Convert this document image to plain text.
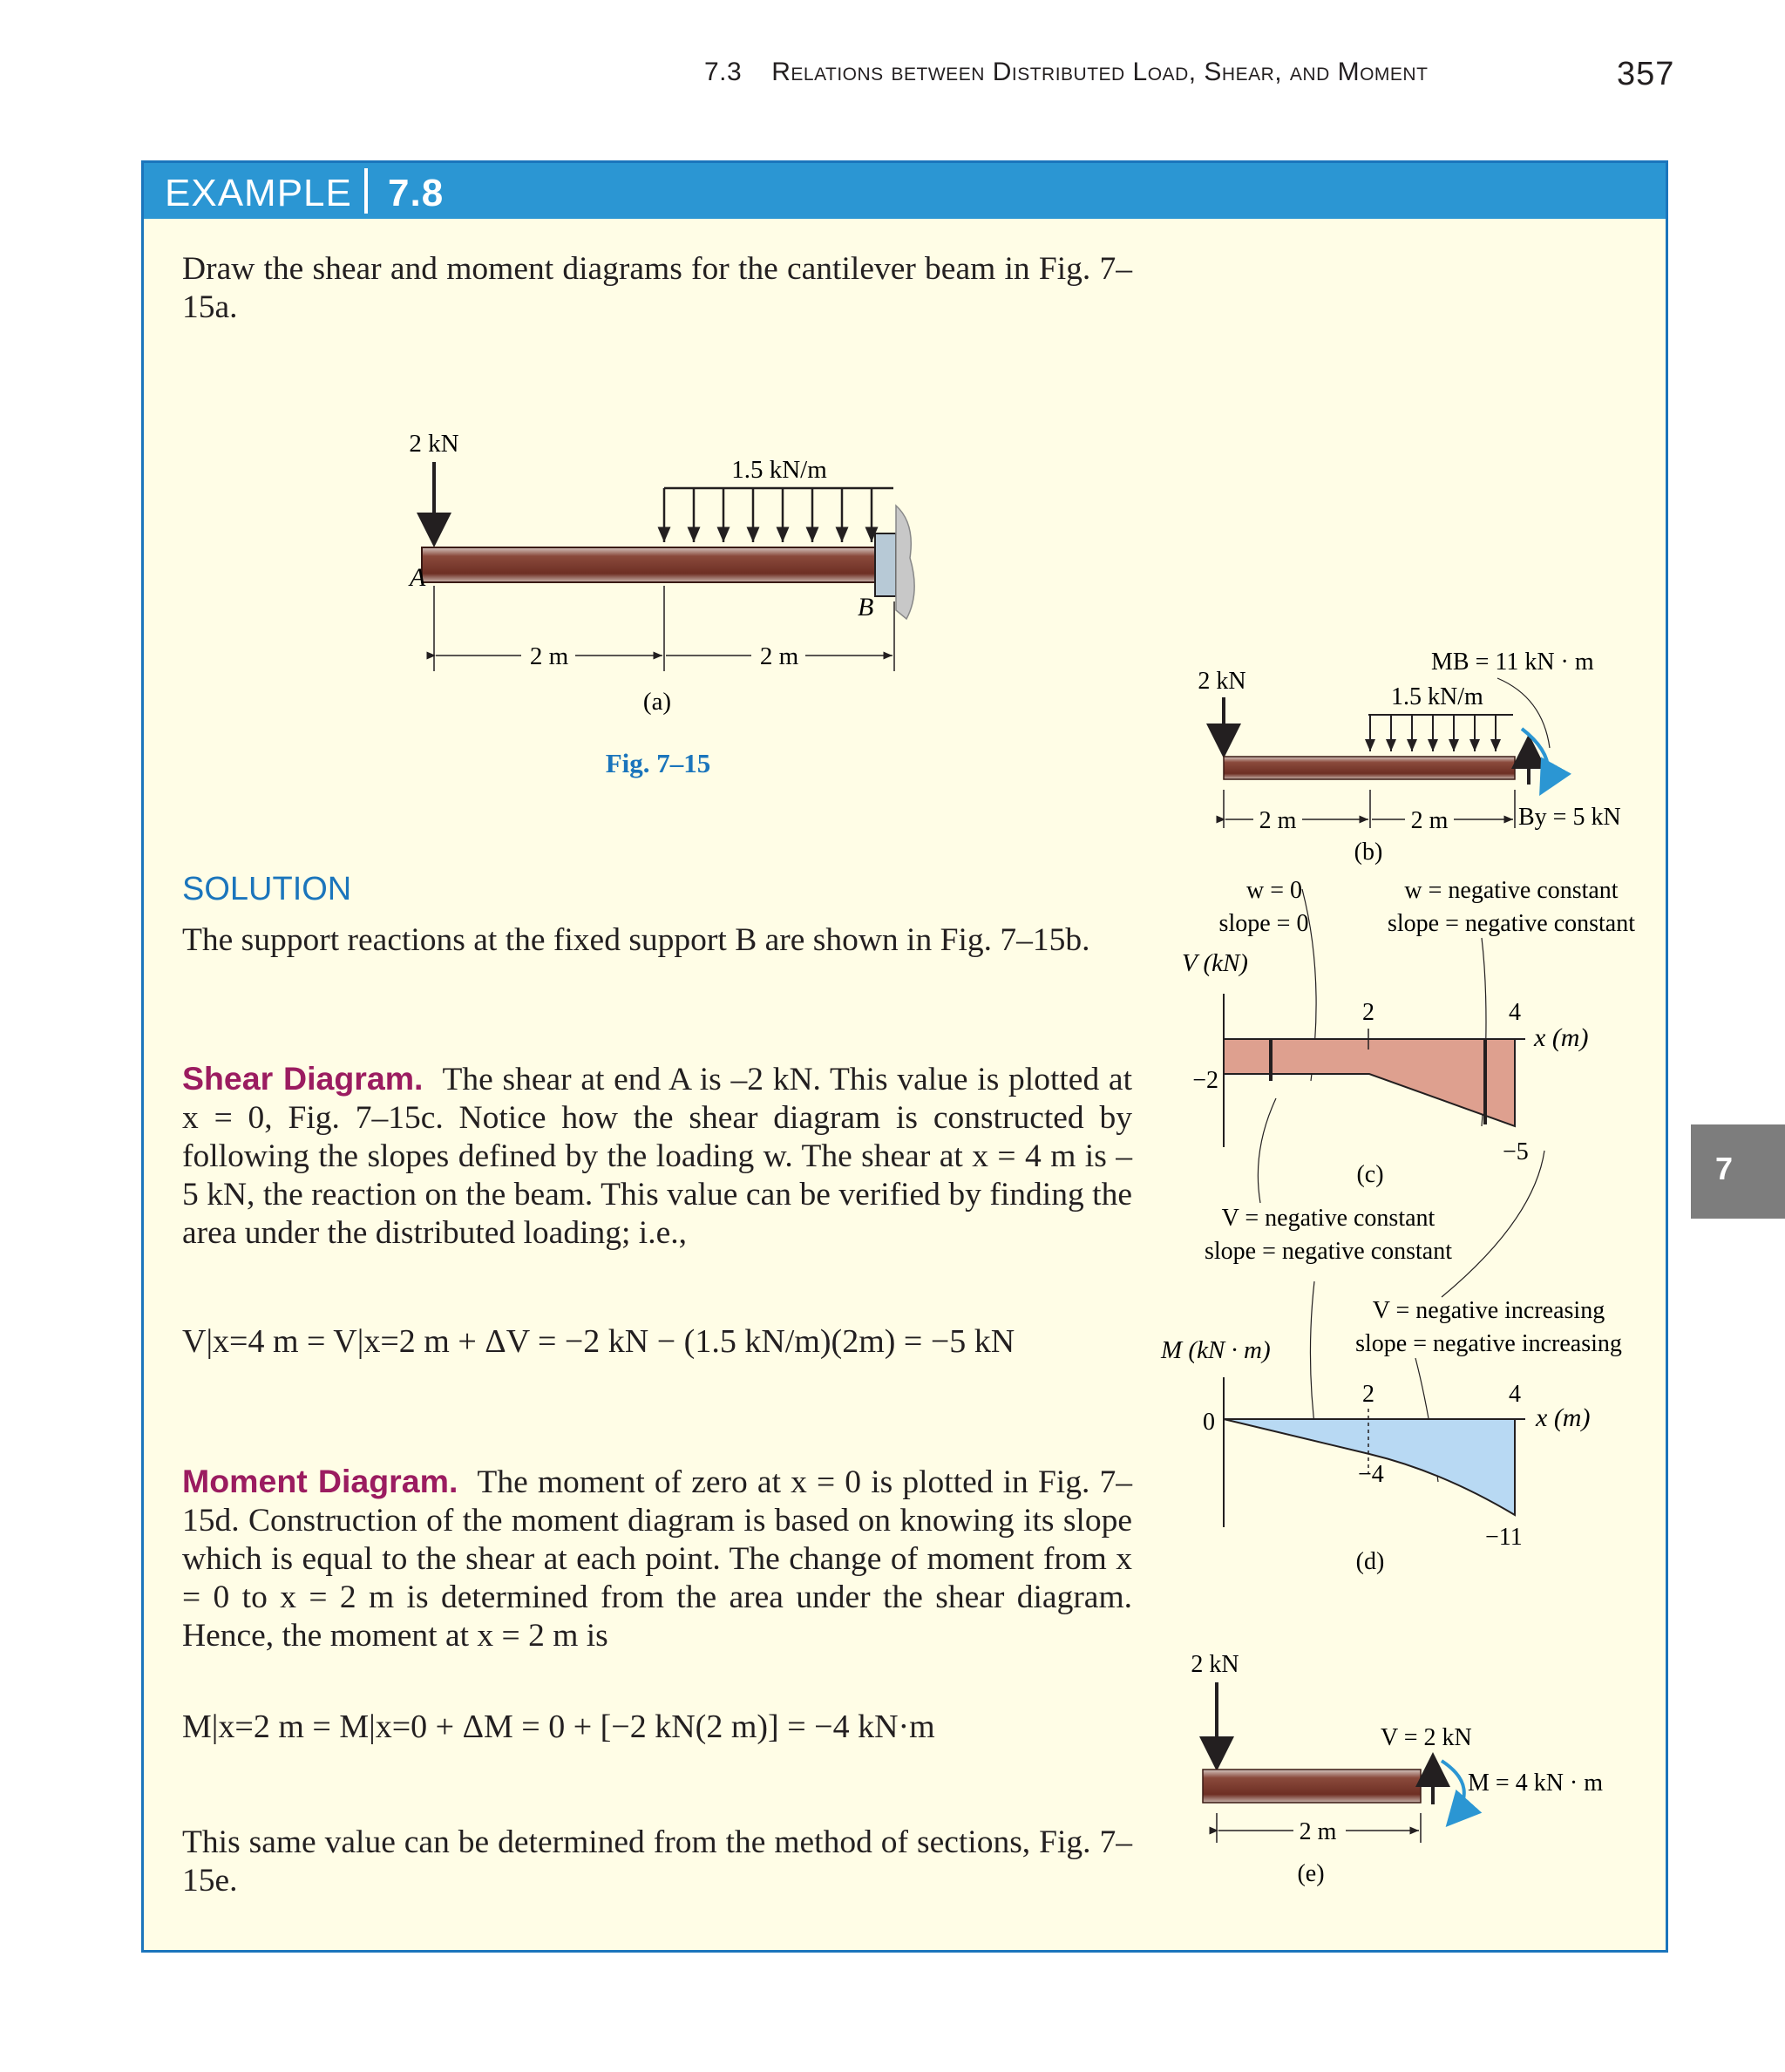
7.3 Relations between Distributed Load, Shear, and Moment	357
EXAMPLE 7.8
Draw the shear and moment diagrams for the cantilever beam in Fig. 7–15a.
SOLUTION
The support reactions at the fixed support B are shown in Fig. 7–15b.
Shear Diagram. The shear at end A is –2 kN. This value is plotted at x = 0, Fig. 7–15c. Notice how the shear diagram is constructed by following the slopes defined by the loading w. The shear at x = 4 m is –5 kN, the reaction on the beam. This value can be verified by finding the area under the distributed loading; i.e.,
V|x=4 m = V|x=2 m + ΔV = −2 kN − (1.5 kN/m)(2m) = −5 kN
Moment Diagram. The moment of zero at x = 0 is plotted in Fig. 7–15d. Construction of the moment diagram is based on knowing its slope which is equal to the shear at each point. The change of moment from x = 0 to x = 2 m is determined from the area under the shear diagram. Hence, the moment at x = 2 m is
M|x=2 m = M|x=0 + ΔM = 0 + [−2 kN(2 m)] = −4 kN·m
This same value can be determined from the method of sections, Fig. 7–15e.
7
2 kN
1.5 kN/m
A
B
2 m	2 m
(a)
Fig. 7–15
2 kN
MB = 11 kN · m
1.5 kN/m
2 m	2 m	By = 5 kN
(b)
w = 0
slope = 0
w = negative constant
slope = negative constant
V = negative constant
slope = negative constant
V = negative increasing
slope = negative increasing
V (kN)
2	4
x (m)
−2
−5
(c)
M (kN · m)
2	4
x (m)
0
−4
−11
(d)
2 kN
V = 2 kN
M = 4 kN · m
2 m
(e)
